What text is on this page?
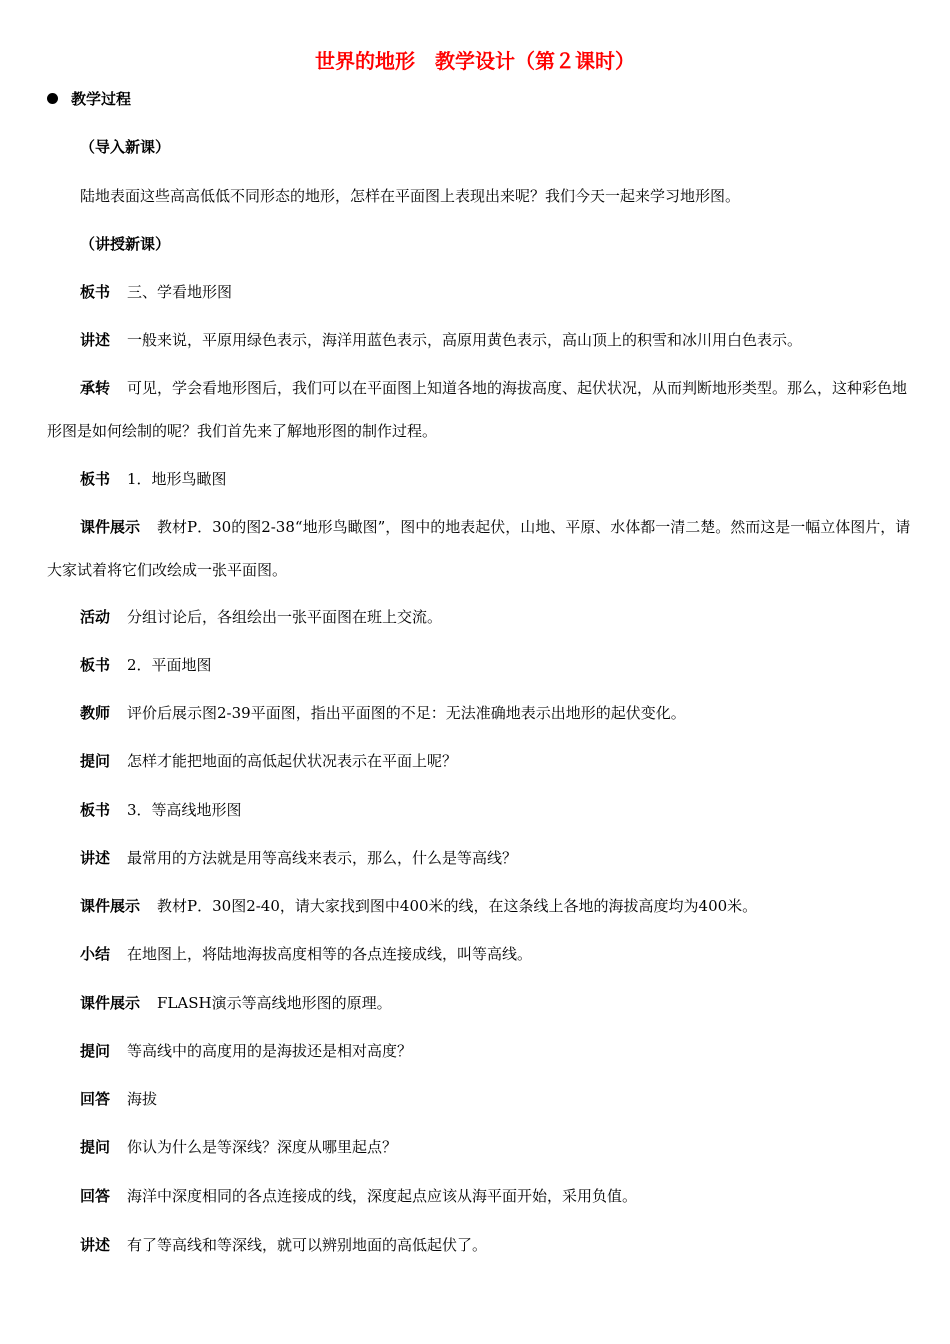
世界的地形　教学设计（第２课时）
教学过程
（导入新课）
陆地表面这些高高低低不同形态的地形，怎样在平面图上表现出来呢？我们今天一起来学习地形图。
（讲授新课）
板书 三、学看地形图
讲述 一般来说，平原用绿色表示，海洋用蓝色表示，高原用黄色表示，高山顶上的积雪和冰川用白色表示。
承转 可见，学会看地形图后，我们可以在平面图上知道各地的海拔高度、起伏状况，从而判断地形类型。那么，这种彩色地形图是如何绘制的呢？我们首先来了解地形图的制作过程。
板书 1．地形鸟瞰图
课件展示 教材P．30的图2-38“地形鸟瞰图”，图中的地表起伏，山地、平原、水体都一清二楚。然而这是一幅立体图片，请大家试着将它们改绘成一张平面图。
活动 分组讨论后，各组绘出一张平面图在班上交流。
板书 2．平面地图
教师 评价后展示图2-39平面图，指出平面图的不足：无法准确地表示出地形的起伏变化。
提问 怎样才能把地面的高低起伏状况表示在平面上呢？
板书 3．等高线地形图
讲述 最常用的方法就是用等高线来表示，那么，什么是等高线？
课件展示 教材P．30图2-40，请大家找到图中400米的线，在这条线上各地的海拔高度均为400米。
小结 在地图上，将陆地海拔高度相等的各点连接成线，叫等高线。
课件展示 FLASH演示等高线地形图的原理。
提问 等高线中的高度用的是海拔还是相对高度？
回答 海拔
提问 你认为什么是等深线？深度从哪里起点？
回答 海洋中深度相同的各点连接成的线，深度起点应该从海平面开始，采用负值。
讲述 有了等高线和等深线，就可以辨别地面的高低起伏了。
